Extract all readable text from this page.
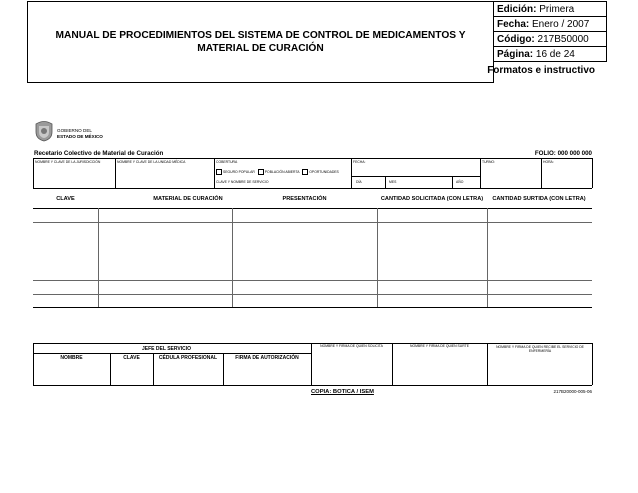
MANUAL DE PROCEDIMIENTOS DEL SISTEMA DE CONTROL DE MEDICAMENTOS Y MATERIAL DE CURACIÓN
Edición: Primera
Fecha: Enero / 2007
Código: 217B50000
Página: 16 de 24
Formatos e instructivo
GOBIERNO DEL
ESTADO DE MÉXICO
Recetario Colectivo de Material de Curación	FOLIO: 000 000 000
NOMBRE Y CLAVE DE LA JURISDICCIÓN	NOMBRE Y CLAVE DE LA UNIDAD MÉDICA	COBERTURA
SEGURO POPULAR	POBLACIÓN ABIERTA	OPORTUNIDADES
CLAVE Y NOMBRE DE SERVICIO
FECHA:
DÍA	MES	AÑO
TURNO:	HORA:
CLAVE	MATERIAL DE CURACIÓN	PRESENTACIÓN	CANTIDAD SOLICITADA (CON LETRA)	CANTIDAD SURTIDA (CON LETRA)
JEFE DEL SERVICIO
NOMBRE	CLAVE	CÉDULA PROFESIONAL	FIRMA DE AUTORIZACIÓN
NOMBRE Y FIRMA DE QUIEN SOLICITA	NOMBRE Y FIRMA DE QUIEN SURTE	NOMBRE Y FIRMA DE QUIEN RECIBE EL SERVICIO DE ENFERMERÍA
COPIA: BOTICA / ISEM	217B20000-005-06
